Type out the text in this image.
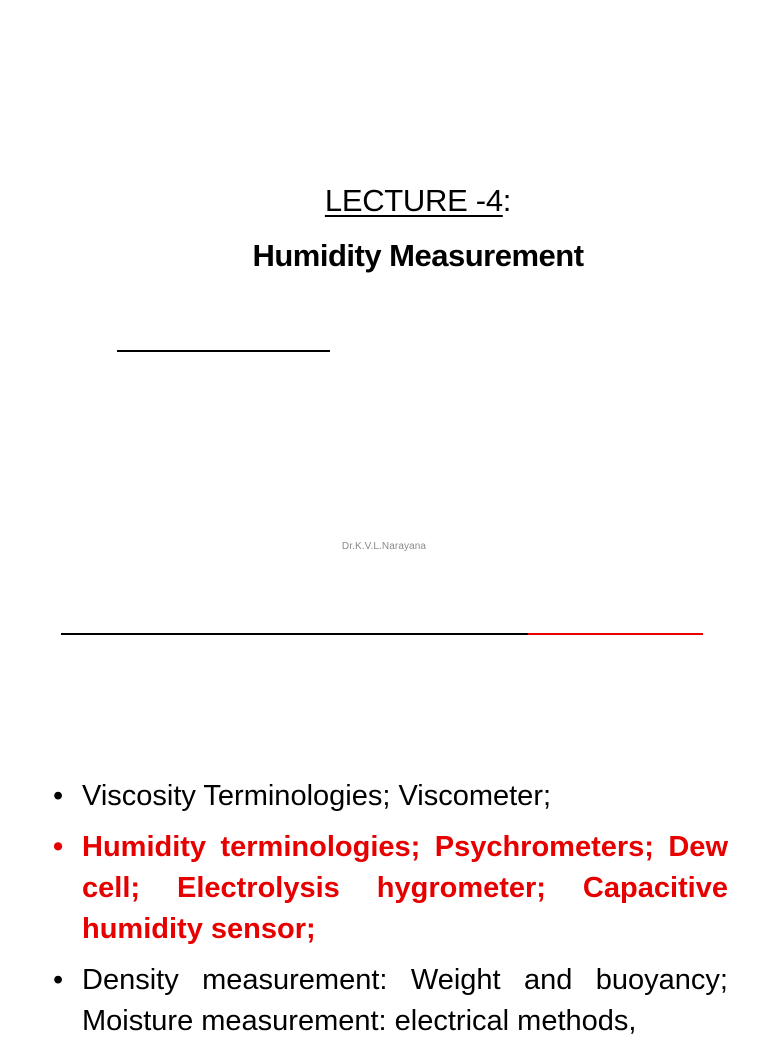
LECTURE -4:
Humidity Measurement
Dr.K.V.L.Narayana
• Viscosity Terminologies; Viscometer;
• Humidity terminologies; Psychrometers; Dew cell; Electrolysis hygrometer; Capacitive humidity sensor;
• Density measurement: Weight and buoyancy; Moisture measurement: electrical methods,
